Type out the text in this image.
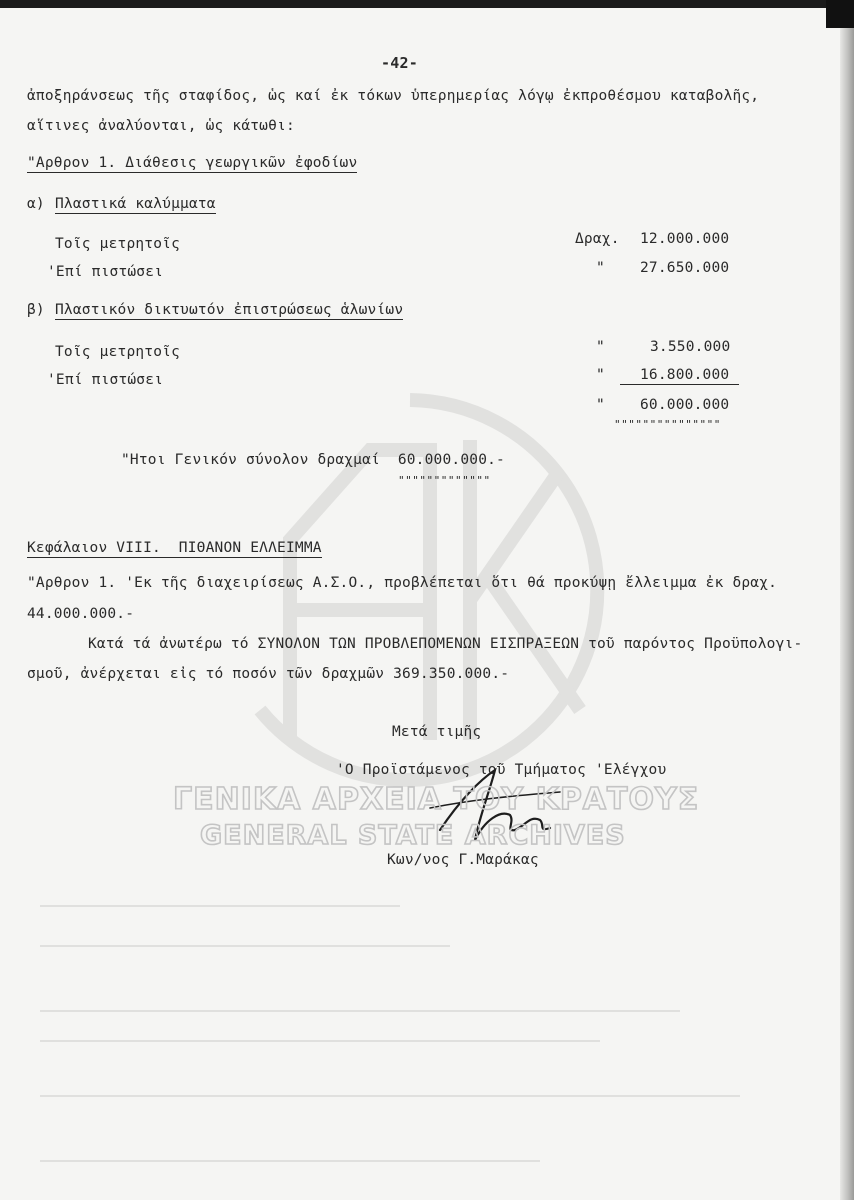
-42-
ἀποξηράνσεως τῆς σταφίδος, ὡς καί ἐκ τόκων ὑπερημερίας λόγῳ ἐκπροθέσμου καταβολῆς,
αἵτινες ἀναλύονται, ὡς κάτωθι:
"Αρθρον 1. Διάθεσις γεωργικῶν ἐφοδίων
α) Πλαστικά καλύμματα
Τοῖς μετρητοῖς	Δραχ. 12.000.000
'Επί πιστώσει	" 27.650.000
β) Πλαστικόν δικτυωτόν ἐπιστρώσεως ἁλωνίων
Τοῖς μετρητοῖς	"	3.550.000
'Επί πιστώσει	"	16.800.000
" 60.000.000
"""""""""""""""
"Ητοι Γενικόν σύνολον δραχμαί  60.000.000.-
"""""""""""""
Κεφάλαιον VIII.  ΠΙΘΑΝΟΝ ΕΛΛΕΙΜΜΑ
"Αρθρον 1. 'Εκ τῆς διαχειρίσεως Α.Σ.Ο., προβλέπεται ὅτι θά προκύψῃ ἔλλειμμα ἐκ δραχ.
44.000.000.-
Κατά τά ἀνωτέρω τό ΣΥΝΟΛΟΝ ΤΩΝ ΠΡΟΒΛΕΠΟΜΕΝΩΝ ΕΙΣΠΡΑΞΕΩΝ τοῦ παρόντος Προϋπολογι-
σμοῦ, ἀνέρχεται εἰς τό ποσόν τῶν δραχμῶν 369.350.000.-
Μετά τιμῆς
'Ο Προϊστάμενος τοῦ Τμήματος 'Ελέγχου
Κων/νος Γ.Μαράκας
ΓΕΝΙΚΑ ΑΡΧΕΙΑ ΤΟΥ ΚΡΑΤΟΥΣ
GENERAL STATE ARCHIVES
